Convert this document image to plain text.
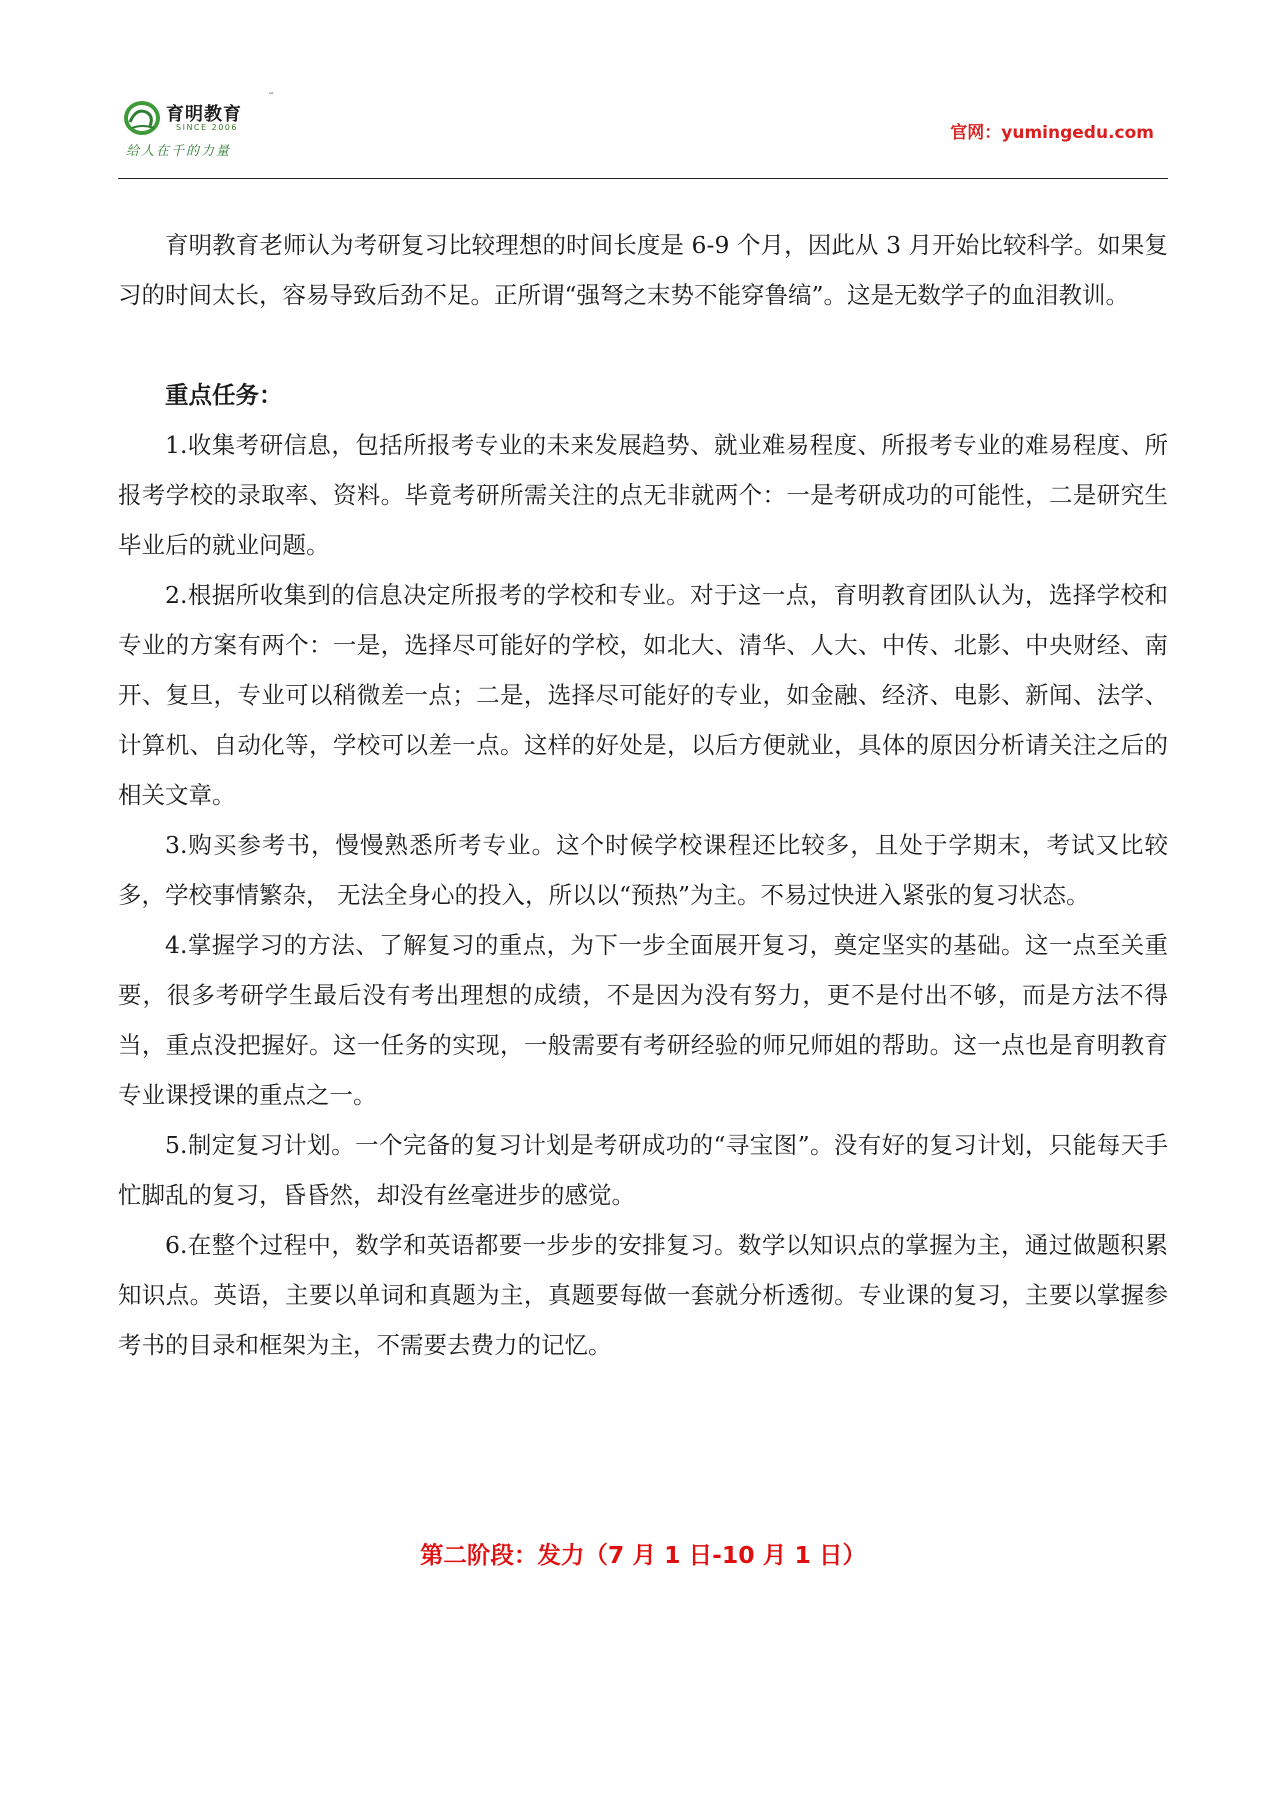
育明教育
™
SINCE 2006
给人在千的力量
官网：yumingedu.com

育明教育老师认为考研复习比较理想的时间长度是 6-9 个月，因此从 3 月开始比较科学。如果复习的时间太长，容易导致后劲不足。正所谓“强弩之末势不能穿鲁缟”。这是无数学子的血泪教训。

重点任务：

1.收集考研信息，包括所报考专业的未来发展趋势、就业难易程度、所报考专业的难易程度、所报考学校的录取率、资料。毕竟考研所需关注的点无非就两个：一是考研成功的可能性，二是研究生毕业后的就业问题。

2.根据所收集到的信息决定所报考的学校和专业。对于这一点，育明教育团队认为，选择学校和专业的方案有两个：一是，选择尽可能好的学校，如北大、清华、人大、中传、北影、中央财经、南开、复旦，专业可以稍微差一点；二是，选择尽可能好的专业，如金融、经济、电影、新闻、法学、计算机、自动化等，学校可以差一点。这样的好处是，以后方便就业，具体的原因分析请关注之后的相关文章。

3.购买参考书，慢慢熟悉所考专业。这个时候学校课程还比较多，且处于学期末，考试又比较多，学校事情繁杂， 无法全身心的投入，所以以“预热”为主。不易过快进入紧张的复习状态。

4.掌握学习的方法、了解复习的重点，为下一步全面展开复习，奠定坚实的基础。这一点至关重要，很多考研学生最后没有考出理想的成绩，不是因为没有努力，更不是付出不够，而是方法不得当，重点没把握好。这一任务的实现，一般需要有考研经验的师兄师姐的帮助。这一点也是育明教育专业课授课的重点之一。

5.制定复习计划。一个完备的复习计划是考研成功的“寻宝图”。没有好的复习计划，只能每天手忙脚乱的复习，昏昏然，却没有丝毫进步的感觉。

6.在整个过程中，数学和英语都要一步步的安排复习。数学以知识点的掌握为主，通过做题积累知识点。英语，主要以单词和真题为主，真题要每做一套就分析透彻。专业课的复习，主要以掌握参考书的目录和框架为主，不需要去费力的记忆。

第二阶段：发力（7 月 1 日-10 月 1 日）
